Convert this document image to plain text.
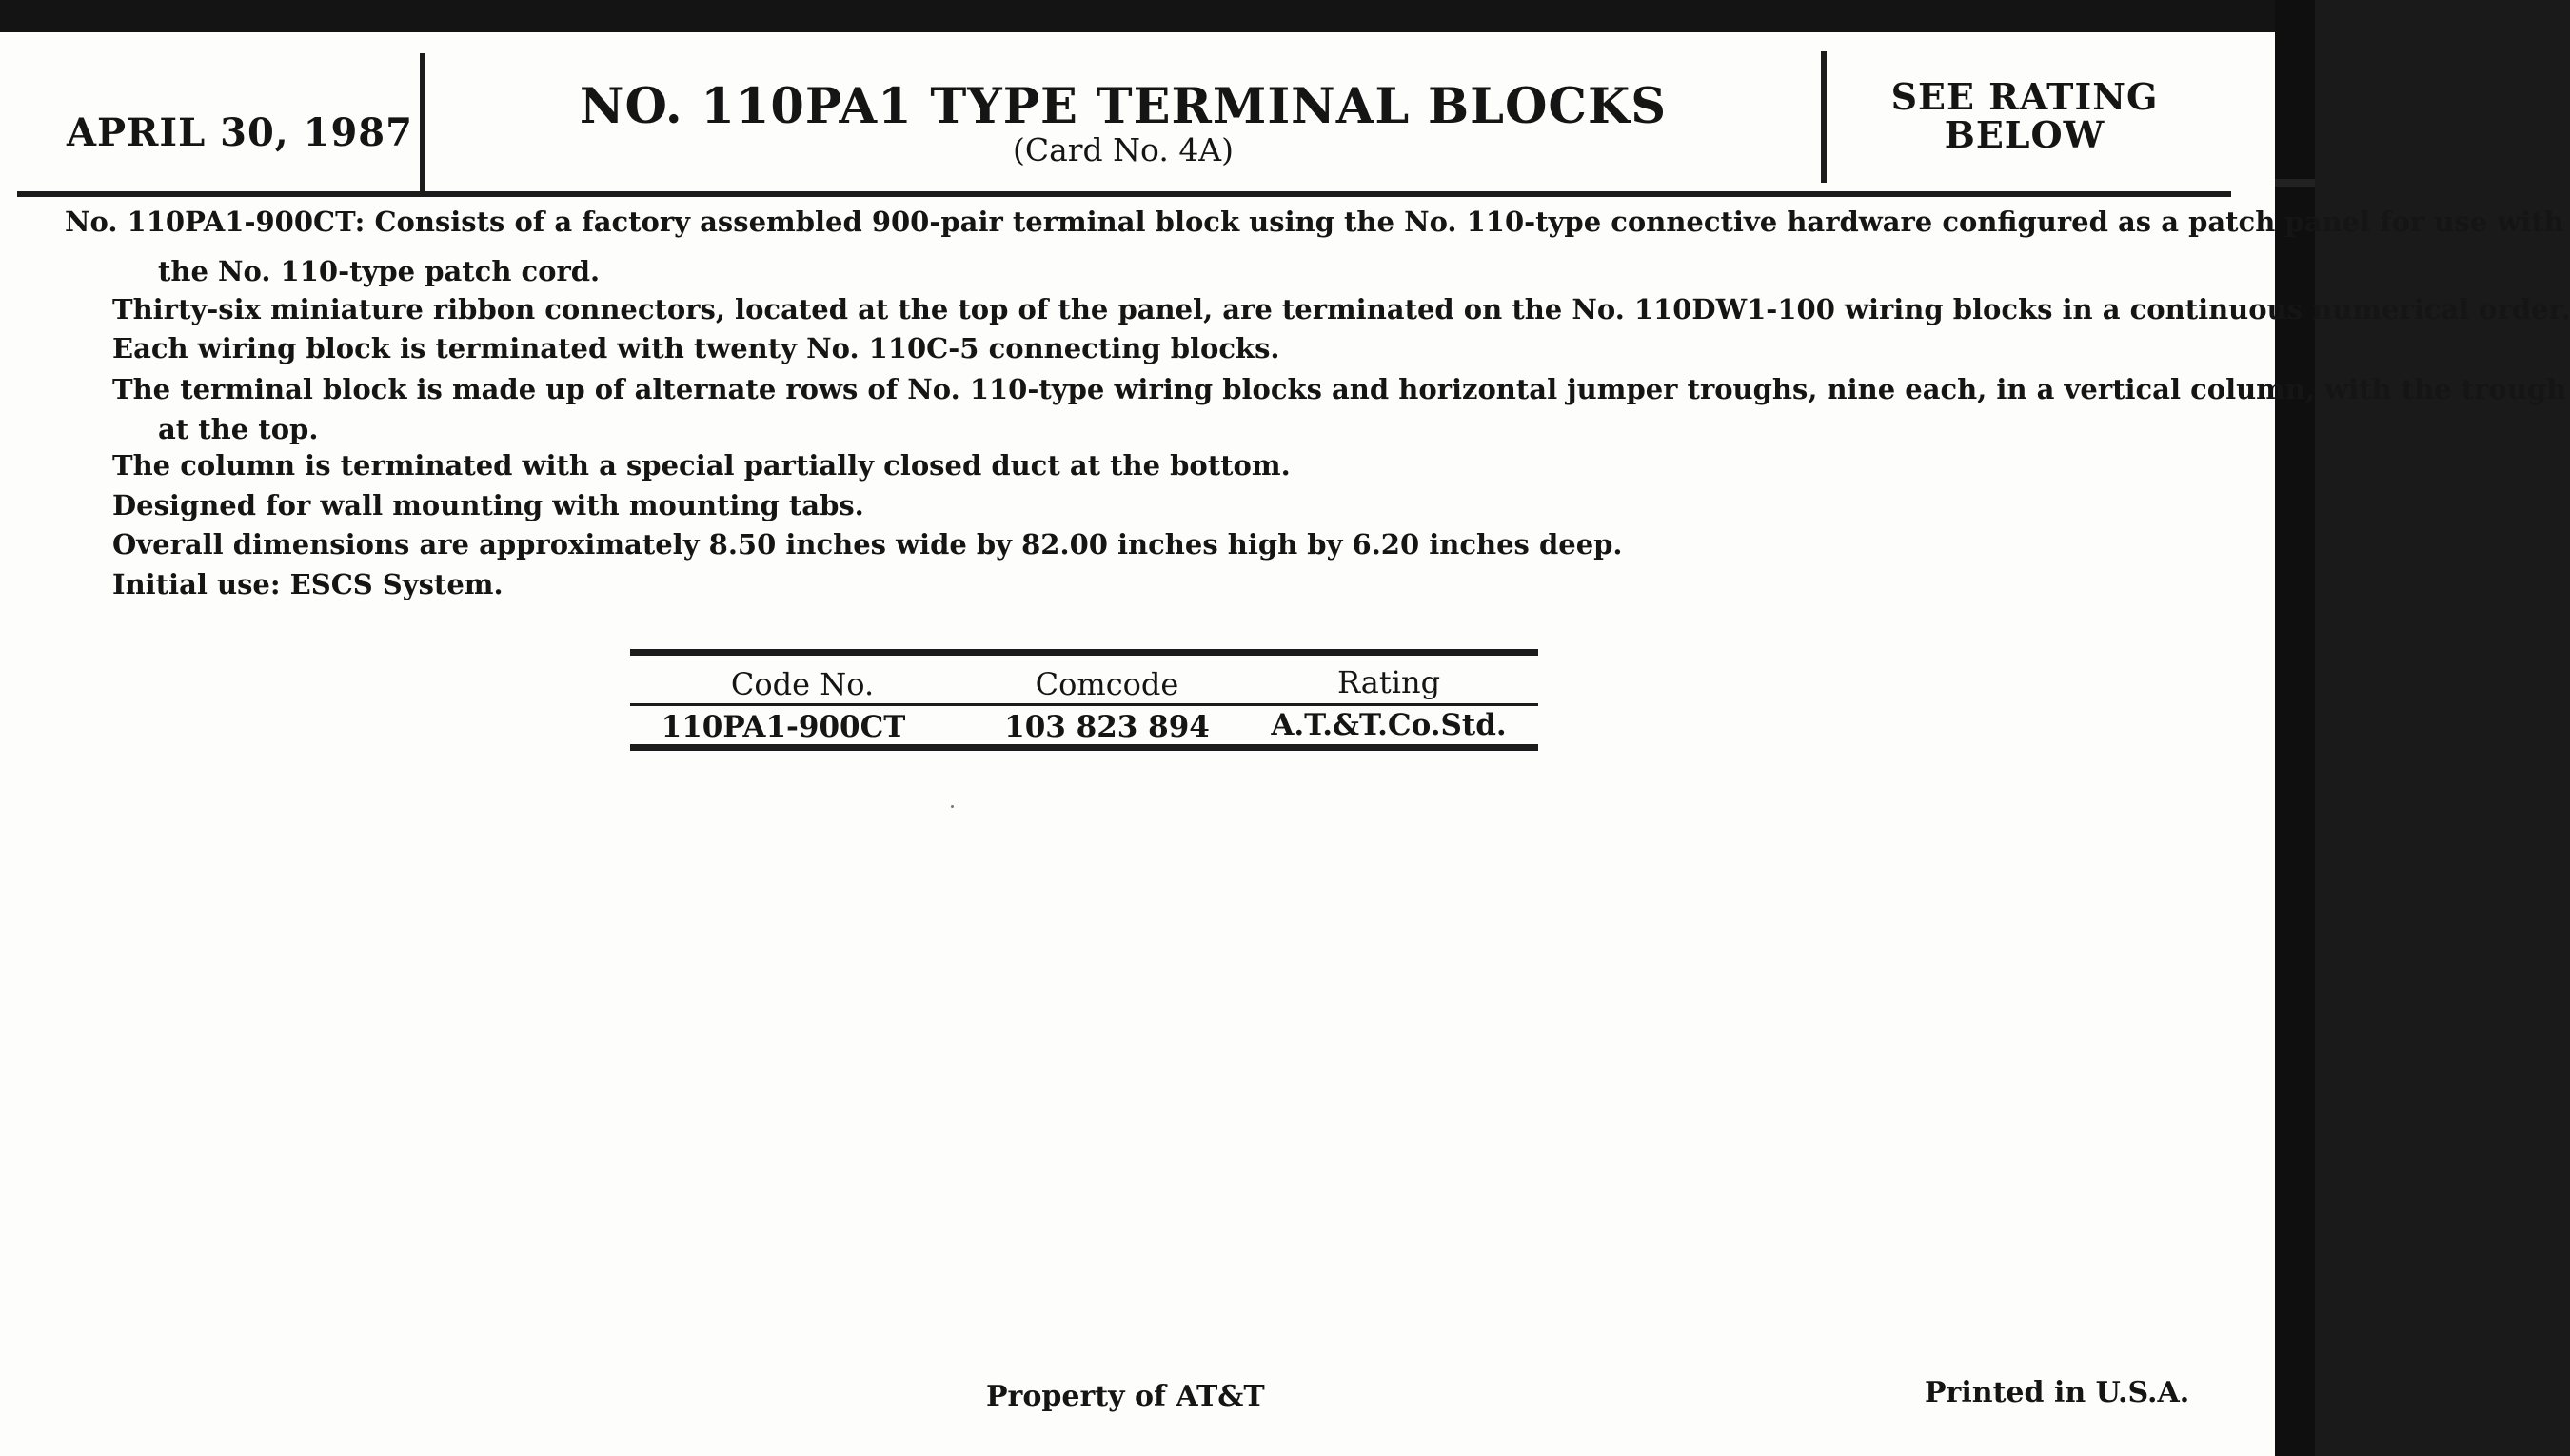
APRIL 30, 1987	NO. 110PA1 TYPE TERMINAL BLOCKS
(Card No. 4A)
SEE RATING
BELOW
No. 110PA1-900CT: Consists of a factory assembled 900-pair terminal block using the No. 110-type connective hardware configured as a patch panel for use with
the No. 110-type patch cord.
Thirty-six miniature ribbon connectors, located at the top of the panel, are terminated on the No. 110DW1-100 wiring blocks in a continuous numerical order.
Each wiring block is terminated with twenty No. 110C-5 connecting blocks.
The terminal block is made up of alternate rows of No. 110-type wiring blocks and horizontal jumper troughs, nine each, in a vertical column, with the trough
at the top.
The column is terminated with a special partially closed duct at the bottom.
Designed for wall mounting with mounting tabs.
Overall dimensions are approximately 8.50 inches wide by 82.00 inches high by 6.20 inches deep.
Initial use: ESCS System.
Code No.	Comcode	Rating
110PA1-900CT	103 823 894	A.T.&T.Co.Std.
Property of AT&T	Printed in U.S.A.
